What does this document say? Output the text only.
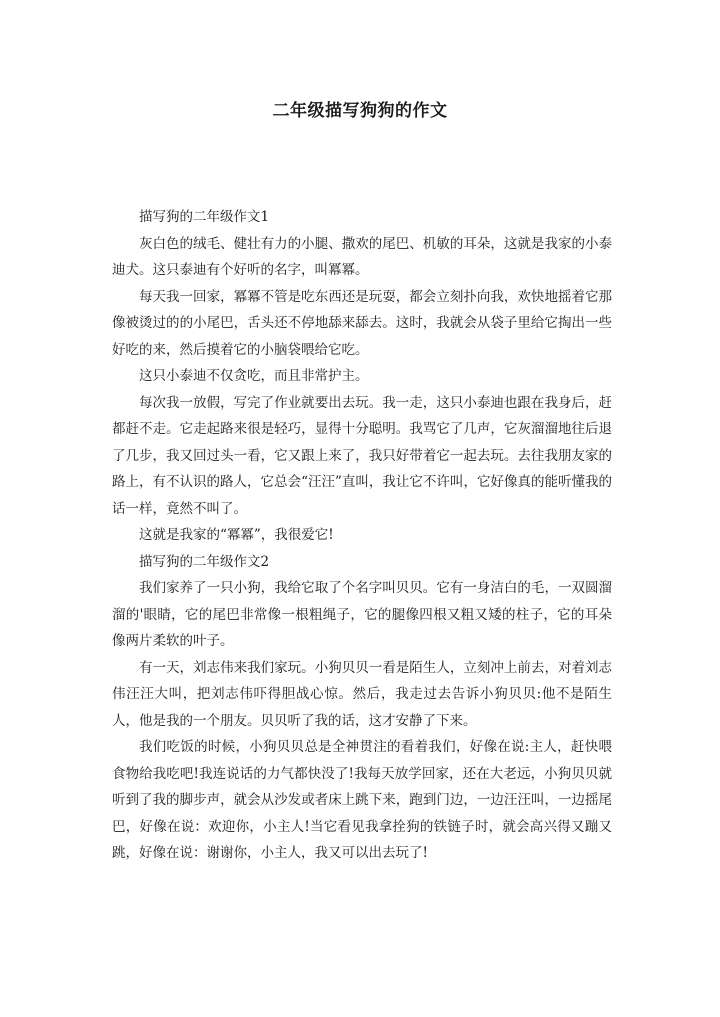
二年级描写狗狗的作文

描写狗的二年级作文1

灰白色的绒毛、健壮有力的小腿、撒欢的尾巴、机敏的耳朵，这就是我家的小泰迪犬。这只泰迪有个好听的名字，叫冪冪。

每天我一回家，冪冪不管是吃东西还是玩耍，都会立刻扑向我，欢快地摇着它那像被烫过的的小尾巴，舌头还不停地舔来舔去。这时，我就会从袋子里给它掏出一些好吃的来，然后摸着它的小脑袋喂给它吃。

这只小泰迪不仅贪吃，而且非常护主。

每次我一放假，写完了作业就要出去玩。我一走，这只小泰迪也跟在我身后，赶都赶不走。它走起路来很是轻巧，显得十分聪明。我骂它了几声，它灰溜溜地往后退了几步，我又回过头一看，它又跟上来了，我只好带着它一起去玩。去往我朋友家的路上，有不认识的路人，它总会“汪汪”直叫，我让它不许叫，它好像真的能听懂我的话一样，竟然不叫了。

这就是我家的“冪冪”，我很爱它!

描写狗的二年级作文2

我们家养了一只小狗，我给它取了个名字叫贝贝。它有一身洁白的毛，一双圆溜溜的'眼睛，它的尾巴非常像一根粗绳子，它的腿像四根又粗又矮的柱子，它的耳朵像两片柔软的叶子。

有一天，刘志伟来我们家玩。小狗贝贝一看是陌生人，立刻冲上前去，对着刘志伟汪汪大叫，把刘志伟吓得胆战心惊。然后，我走过去告诉小狗贝贝:他不是陌生人，他是我的一个朋友。贝贝听了我的话，这才安静了下来。

我们吃饭的时候，小狗贝贝总是全神贯注的看着我们，好像在说:主人，赶快喂食物给我吃吧!我连说话的力气都快没了!我每天放学回家，还在大老远，小狗贝贝就听到了我的脚步声，就会从沙发或者床上跳下来，跑到门边，一边汪汪叫，一边摇尾巴，好像在说：欢迎你，小主人!当它看见我拿拴狗的铁链子时，就会高兴得又蹦又跳，好像在说：谢谢你，小主人，我又可以出去玩了!
